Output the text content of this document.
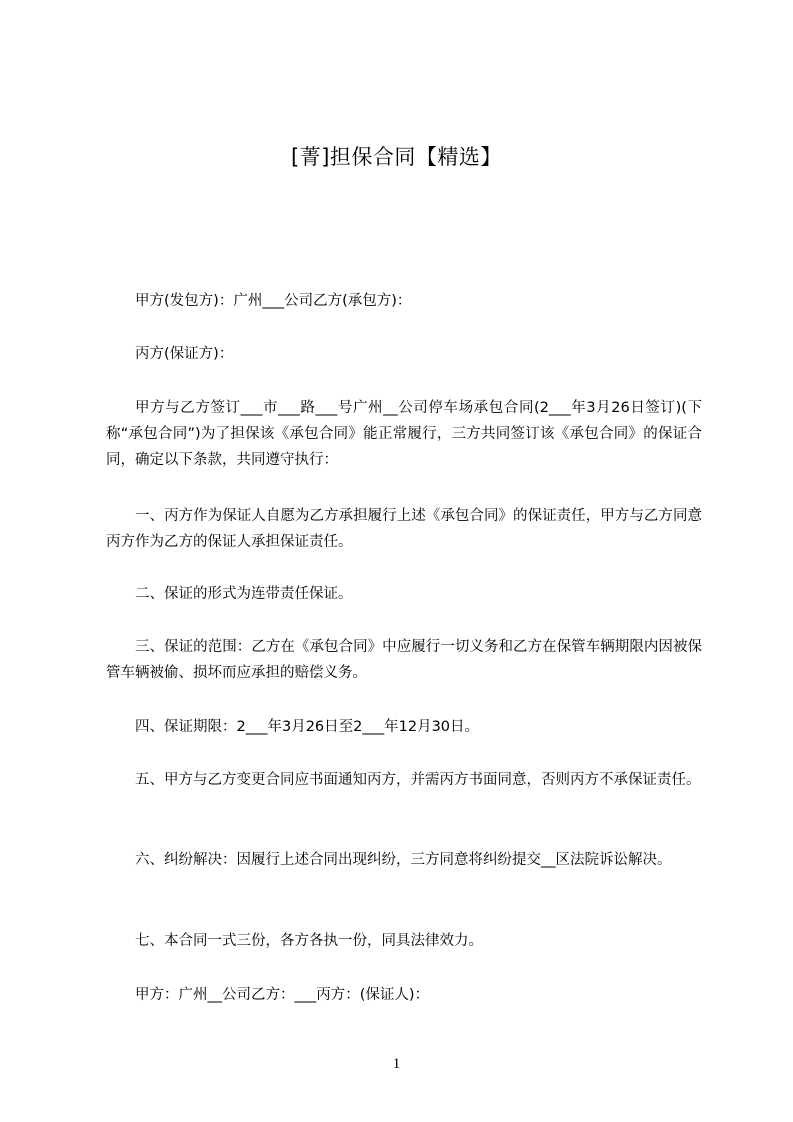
[菁]担保合同【精选】
甲方(发包方)：广州___公司乙方(承包方)：
丙方(保证方)：
甲方与乙方签订___市___路___号广州__公司停车场承包合同(2___年3月26日签订)(下称“承包合同”)为了担保该《承包合同》能正常履行，三方共同签订该《承包合同》的保证合同，确定以下条款，共同遵守执行：
一、丙方作为保证人自愿为乙方承担履行上述《承包合同》的保证责任，甲方与乙方同意丙方作为乙方的保证人承担保证责任。
二、保证的形式为连带责任保证。
三、保证的范围：乙方在《承包合同》中应履行一切义务和乙方在保管车辆期限内因被保管车辆被偷、损坏而应承担的赔偿义务。
四、保证期限：2___年3月26日至2___年12月30日。
五、甲方与乙方变更合同应书面通知丙方，并需丙方书面同意，否则丙方不承保证责任。
六、纠纷解决：因履行上述合同出现纠纷，三方同意将纠纷提交__区法院诉讼解决。
七、本合同一式三份，各方各执一份，同具法律效力。
甲方：广州__公司乙方：___丙方：(保证人)：
1
